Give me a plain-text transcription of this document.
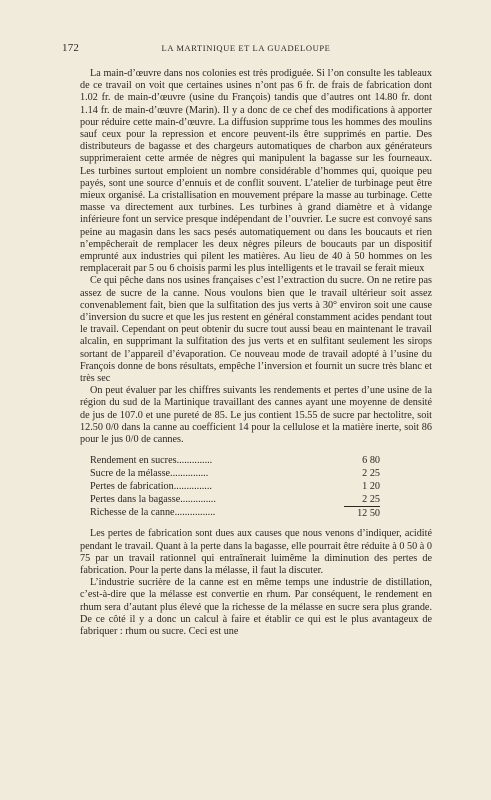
172	LA MARTINIQUE ET LA GUADELOUPE

La main-d’œuvre dans nos colonies est très prodiguée. Si l’on consulte les tableaux de ce travail on voit que certaines usines n’ont pas 6 fr. de frais de fabrication dont 1.02 fr. de main-d’œuvre (usine du François) tandis que d’autres ont 14.80 fr. dont 1.14 fr. de main-d’œuvre (Marin). Il y a donc de ce chef des modifications à apporter pour réduire cette main-d’œuvre. La diffusion supprime tous les hommes des moulins sauf ceux pour la repression et encore peuvent-ils être supprimés en partie. Des distributeurs de bagasse et des chargeurs automatiques de charbon aux générateurs supprimeraient cette armée de nègres qui manipulent la bagasse sur les fourneaux. Les turbines surtout emploient un nombre considérable d’hommes qui, quoique peu payés, sont une source d’ennuis et de conflit souvent. L’atelier de turbinage peut être mieux organisé. La cristallisation en mouvement prépare la masse au turbinage. Cette masse va directement aux turbines. Les turbines à grand diamètre et à vidange inférieure font un service presque indépendant de l’ouvrier. Le sucre est convoyé sans peine au magasin dans les sacs pesés automatiquement ou dans les boucauts et rien n’empêcherait de remplacer les deux nègres pileurs de boucauts par un dispositif emprunté aux industries qui pilent les matières. Au lieu de 40 à 50 hommes on les remplacerait par 5 ou 6 choisis parmi les plus intelligents et le travail se ferait mieux

Ce qui pêche dans nos usines françaises c’est l’extraction du sucre. On ne retire pas assez de sucre de la canne. Nous voulons bien que le travail ultérieur soit assez convenablement fait, bien que la sulfitation des jus verts à 30° environ soit une cause d’inversion du sucre et que les jus restent en général constamment acides pendant tout le travail. Cependant on peut obtenir du sucre tout aussi beau en maintenant le travail alcalin, en supprimant la sulfitation des jus verts et en sulfitant seulement les sirops sortant de l’appareil d’évaporation. Ce nouveau mode de travail adopté à l’usine du François donne de bons résultats, empêche l’inversion et fournit un sucre très blanc et très sec

On peut évaluer par les chiffres suivants les rendements et pertes d’une usine de la région du sud de la Martinique travaillant des cannes ayant une moyenne de densité de jus de 107.0 et une pureté de 85. Le jus contient 15.55 de sucre par hectolitre, soit 12.50 0/0 dans la canne au coefficient 14 pour la cellulose et la matière inerte, soit 86 pour le jus 0/0 de cannes.

Rendement en sucres..............	6 80
Sucre de la mélasse...............	2 25
Pertes de fabrication...............	1 20
Pertes dans la bagasse..............	2 25
Richesse de la canne................	12 50

Les pertes de fabrication sont dues aux causes que nous venons d’indiquer, acidité pendant le travail. Quant à la perte dans la bagasse, elle pourrait être réduite à 0 50 à 0 75 par un travail rationnel qui entraînerait luimême la diminution des pertes de fabrication. Pour la perte dans la mélasse, il faut la discuter.

L’industrie sucrière de la canne est en même temps une industrie de distillation, c’est-à-dire que la mélasse est convertie en rhum. Par conséquent, le rendement en rhum sera d’autant plus élevé que la richesse de la mélasse en sucre sera plus grande. De ce côté il y a donc un calcul à faire et établir ce qui est le plus avantageux de fabriquer : rhum ou sucre. Ceci est une
